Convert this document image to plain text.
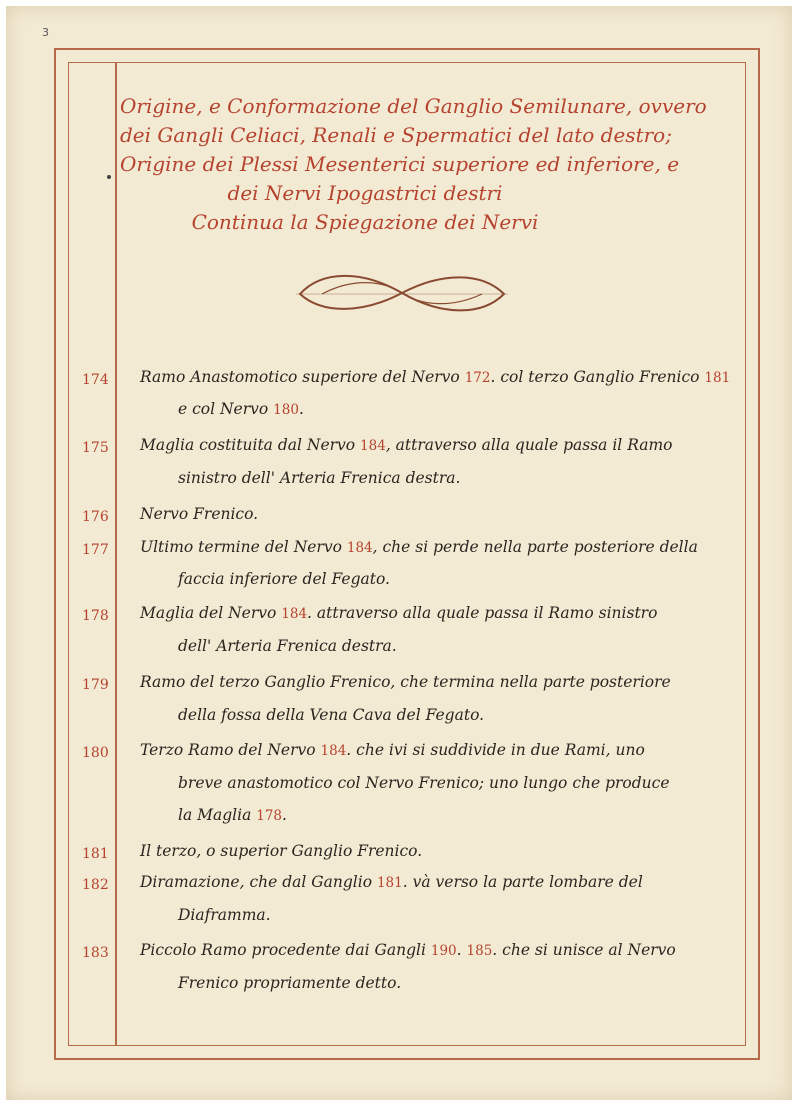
3
Origine, e Conformazione del Ganglio Semilunare, ovvero
dei Gangli Celiaci, Renali e Spermatici del lato destro;
Origine dei Plessi Mesenterici superiore ed inferiore, e
dei Nervi Ipogastrici destri
Continua la Spiegazione dei Nervi
174 Ramo Anastomotico superiore del Nervo 172. col terzo Ganglio Frenico 181
e col Nervo 180.
175 Maglia costituita dal Nervo 184, attraverso alla quale passa il Ramo
sinistro dell' Arteria Frenica destra.
176 Nervo Frenico.
177 Ultimo termine del Nervo 184, che si perde nella parte posteriore della
faccia inferiore del Fegato.
178 Maglia del Nervo 184. attraverso alla quale passa il Ramo sinistro
dell' Arteria Frenica destra.
179 Ramo del terzo Ganglio Frenico, che termina nella parte posteriore
della fossa della Vena Cava del Fegato.
180 Terzo Ramo del Nervo 184. che ivi si suddivide in due Rami, uno
breve anastomotico col Nervo Frenico; uno lungo che produce
la Maglia 178.
181 Il terzo, o superior Ganglio Frenico.
182 Diramazione, che dal Ganglio 181. và verso la parte lombare del
Diaframma.
183 Piccolo Ramo procedente dai Gangli 190. 185. che si unisce al Nervo
Frenico propriamente detto.
